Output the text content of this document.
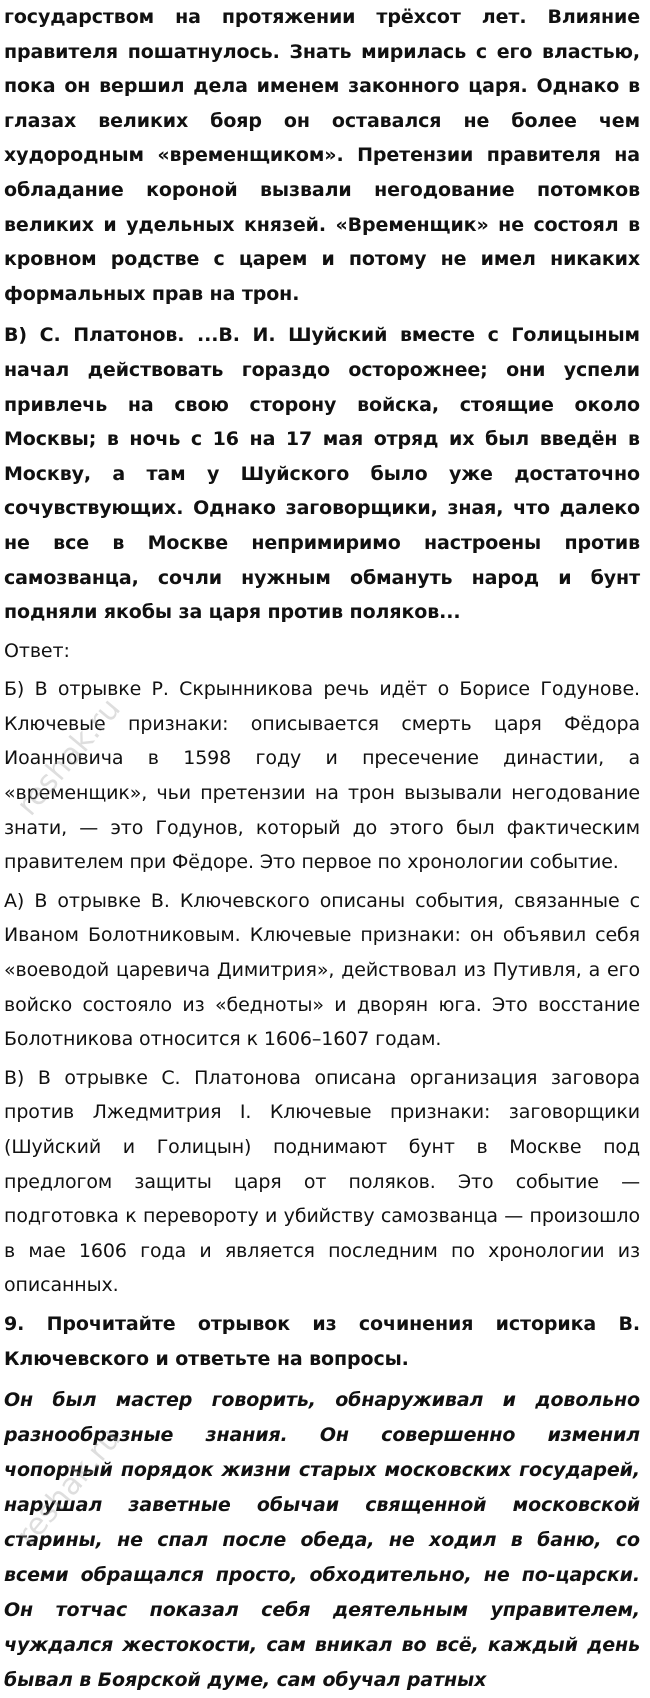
государством на протяжении трёхсот лет. Влияние правителя пошатнулось. Знать мирилась с его властью, пока он вершил дела именем законного царя. Однако в глазах великих бояр он оставался не более чем худородным «временщиком». Претензии правителя на обладание короной вызвали негодование потомков великих и удельных князей. «Временщик» не состоял в кровном родстве с царем и потому не имел никаких формальных прав на трон.

В) С. Платонов. ...В. И. Шуйский вместе с Голицыным начал действовать гораздо осторожнее; они успели привлечь на свою сторону войска, стоящие около Москвы; в ночь с 16 на 17 мая отряд их был введён в Москву, а там у Шуйского было уже достаточно сочувствующих. Однако заговорщики, зная, что далеко не все в Москве непримиримо настроены против самозванца, сочли нужным обмануть народ и бунт подняли якобы за царя против поляков...

Ответ:

Б) В отрывке Р. Скрынникова речь идёт о Борисе Годунове. Ключевые признаки: описывается смерть царя Фёдора Иоанновича в 1598 году и пресечение династии, а «временщик», чьи претензии на трон вызывали негодование знати, — это Годунов, который до этого был фактическим правителем при Фёдоре. Это первое по хронологии событие.

А) В отрывке В. Ключевского описаны события, связанные с Иваном Болотниковым. Ключевые признаки: он объявил себя «воеводой царевича Димитрия», действовал из Путивля, а его войско состояло из «бедноты» и дворян юга. Это восстание Болотникова относится к 1606–1607 годам.

В) В отрывке С. Платонова описана организация заговора против Лжедмитрия I. Ключевые признаки: заговорщики (Шуйский и Голицын) поднимают бунт в Москве под предлогом защиты царя от поляков. Это событие — подготовка к перевороту и убийству самозванца — произошло в мае 1606 года и является последним по хронологии из описанных.

9. Прочитайте отрывок из сочинения историка В. Ключевского и ответьте на вопросы.

Он был мастер говорить, обнаруживал и довольно разнообразные знания. Он совершенно изменил чопорный порядок жизни старых московских государей, нарушал заветные обычаи священной московской старины, не спал после обеда, не ходил в баню, со всеми обращался просто, обходительно, не по-царски. Он тотчас показал себя деятельным управителем, чуждался жестокости, сам вникал во всё, каждый день бывал в Боярской думе, сам обучал ратных

reshak.ru
reshak.ru
